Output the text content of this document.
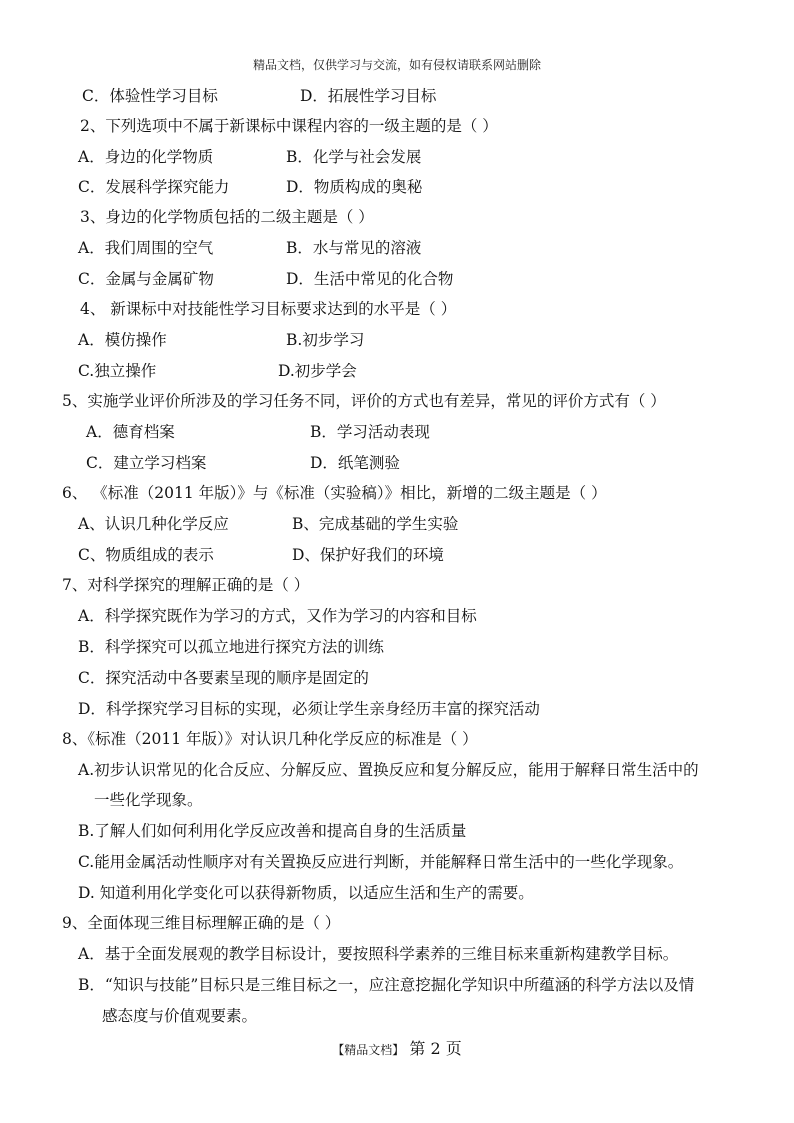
精品文档，仅供学习与交流，如有侵权请联系网站删除
C．体验性学习目标	D．拓展性学习目标
2、下列选项中不属于新课标中课程内容的一级主题的是（ ）
A．身边的化学物质	B．化学与社会发展
C．发展科学探究能力	D．物质构成的奥秘
3、身边的化学物质包括的二级主题是（ ）
A．我们周围的空气	B．水与常见的溶液
C．金属与金属矿物	D．生活中常见的化合物
4、 新课标中对技能性学习目标要求达到的水平是（ ）
A．模仿操作	B.初步学习
C.独立操作	D.初步学会
5、实施学业评价所涉及的学习任务不同，评价的方式也有差异，常见的评价方式有（ ）
A．德育档案	B．学习活动表现
C．建立学习档案	D．纸笔测验
6、 《标准（2011 年版）》与《标准（实验稿）》相比，新增的二级主题是（ ）
A、认识几种化学反应	B、完成基础的学生实验
C、物质组成的表示	D、保护好我们的环境
7、对科学探究的理解正确的是（ ）
A．科学探究既作为学习的方式，又作为学习的内容和目标
B．科学探究可以孤立地进行探究方法的训练
C．探究活动中各要素呈现的顺序是固定的
D．科学探究学习目标的实现，必须让学生亲身经历丰富的探究活动
8、《标准（2011 年版）》对认识几种化学反应的标准是（ ）
A.初步认识常见的化合反应、分解反应、置换反应和复分解反应，能用于解释日常生活中的
一些化学现象。
B.了解人们如何利用化学反应改善和提高自身的生活质量
C.能用金属活动性顺序对有关置换反应进行判断，并能解释日常生活中的一些化学现象。
D. 知道利用化学变化可以获得新物质，以适应生活和生产的需要。
9、全面体现三维目标理解正确的是（ ）
A．基于全面发展观的教学目标设计，要按照科学素养的三维目标来重新构建教学目标。
B．“知识与技能”目标只是三维目标之一，应注意挖掘化学知识中所蕴涵的科学方法以及情
感态度与价值观要素。
【精品文档】 第 2 页
